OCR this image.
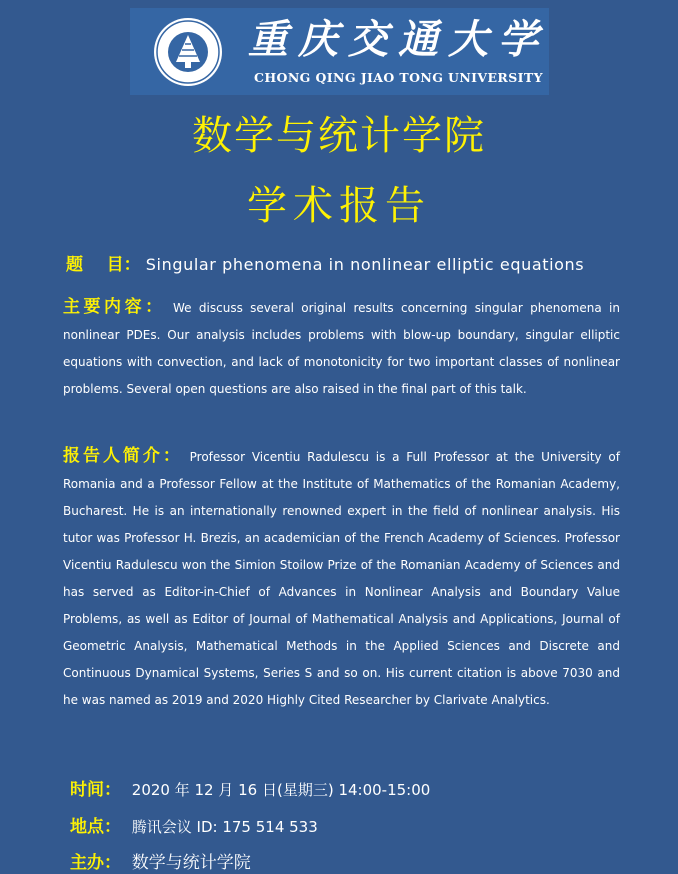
重庆交通大学
CHONG QING JIAO TONG UNIVERSITY
数学与统计学院
学术报告
题    目： Singular phenomena in nonlinear elliptic equations
主要内容： We discuss several original results concerning singular phenomena in nonlinear PDEs. Our analysis includes problems with blow-up boundary, singular elliptic equations with convection, and lack of monotonicity for two important classes of nonlinear problems. Several open questions are also raised in the final part of this talk.
报告人简介： Professor Vicentiu Radulescu is a Full Professor at the University of Romania and a Professor Fellow at the Institute of Mathematics of the Romanian Academy, Bucharest. He is an internationally renowned expert in the field of nonlinear analysis. His tutor was Professor H. Brezis, an academician of the French Academy of Sciences. Professor Vicentiu Radulescu won the Simion Stoilow Prize of the Romanian Academy of Sciences and has served as Editor-in-Chief of Advances in Nonlinear Analysis and Boundary Value Problems, as well as Editor of Journal of Mathematical Analysis and Applications, Journal of Geometric Analysis, Mathematical Methods in the Applied Sciences and Discrete and Continuous Dynamical Systems, Series S and so on. His current citation is above 7030 and he was named as 2019 and 2020 Highly Cited Researcher by Clarivate Analytics.
时间： 2020 年 12 月 16 日(星期三) 14:00-15:00
地点： 腾讯会议 ID: 175 514 533
主办： 数学与统计学院
